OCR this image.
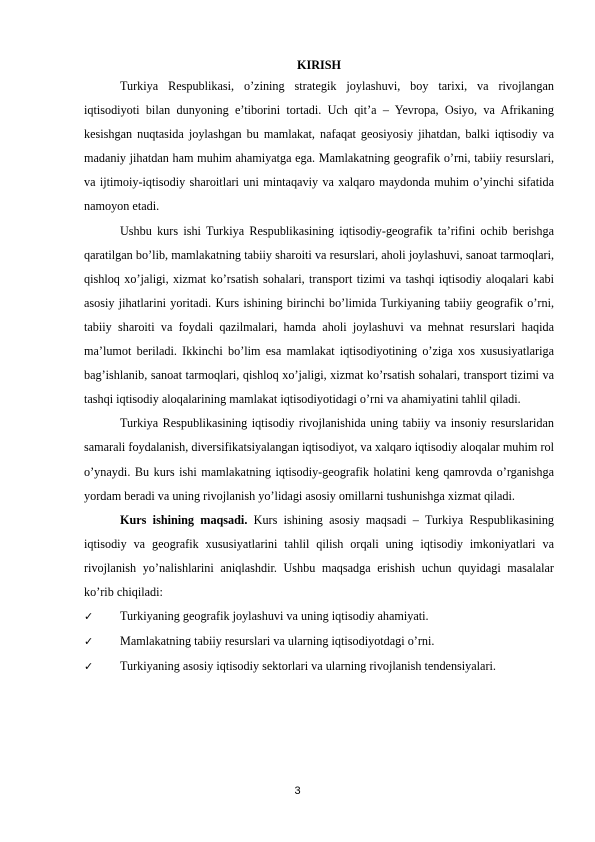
KIRISH

Turkiya Respublikasi, o’zining strategik joylashuvi, boy tarixi, va rivojlangan iqtisodiyoti bilan dunyoning e’tiborini tortadi. Uch qit’a – Yevropa, Osiyo, va Afrikaning kesishgan nuqtasida joylashgan bu mamlakat, nafaqat geosiyosiy jihatdan, balki iqtisodiy va madaniy jihatdan ham muhim ahamiyatga ega. Mamlakatning geografik o’rni, tabiiy resurslari, va ijtimoiy-iqtisodiy sharoitlari uni mintaqaviy va xalqaro maydonda muhim o’yinchi sifatida namoyon etadi.

Ushbu kurs ishi Turkiya Respublikasining iqtisodiy-geografik ta’rifini ochib berishga qaratilgan bo’lib, mamlakatning tabiiy sharoiti va resurslari, aholi joylashuvi, sanoat tarmoqlari, qishloq xo’jaligi, xizmat ko’rsatish sohalari, transport tizimi va tashqi iqtisodiy aloqalari kabi asosiy jihatlarini yoritadi. Kurs ishining birinchi bo’limida Turkiyaning tabiiy geografik o’rni, tabiiy sharoiti va foydali qazilmalari, hamda aholi joylashuvi va mehnat resurslari haqida ma’lumot beriladi. Ikkinchi bo’lim esa mamlakat iqtisodiyotining o’ziga xos xususiyatlariga bag’ishlanib, sanoat tarmoqlari, qishloq xo’jaligi, xizmat ko’rsatish sohalari, transport tizimi va tashqi iqtisodiy aloqalarining mamlakat iqtisodiyotidagi o’rni va ahamiyatini tahlil qiladi.

Turkiya Respublikasining iqtisodiy rivojlanishida uning tabiiy va insoniy resurslaridan samarali foydalanish, diversifikatsiyalangan iqtisodiyot, va xalqaro iqtisodiy aloqalar muhim rol o’ynaydi. Bu kurs ishi mamlakatning iqtisodiy-geografik holatini keng qamrovda o’rganishga yordam beradi va uning rivojlanish yo’lidagi asosiy omillarni tushunishga xizmat qiladi.

Kurs ishining maqsadi. Kurs ishining asosiy maqsadi – Turkiya Respublikasining iqtisodiy va geografik xususiyatlarini tahlil qilish orqali uning iqtisodiy imkoniyatlari va rivojlanish yo’nalishlarini aniqlashdir. Ushbu maqsadga erishish uchun quyidagi masalalar ko’rib chiqiladi:

✓	Turkiyaning geografik joylashuvi va uning iqtisodiy ahamiyati.
✓	Mamlakatning tabiiy resurslari va ularning iqtisodiyotdagi o’rni.
✓	Turkiyaning asosiy iqtisodiy sektorlari va ularning rivojlanish tendensiyalari.
3
